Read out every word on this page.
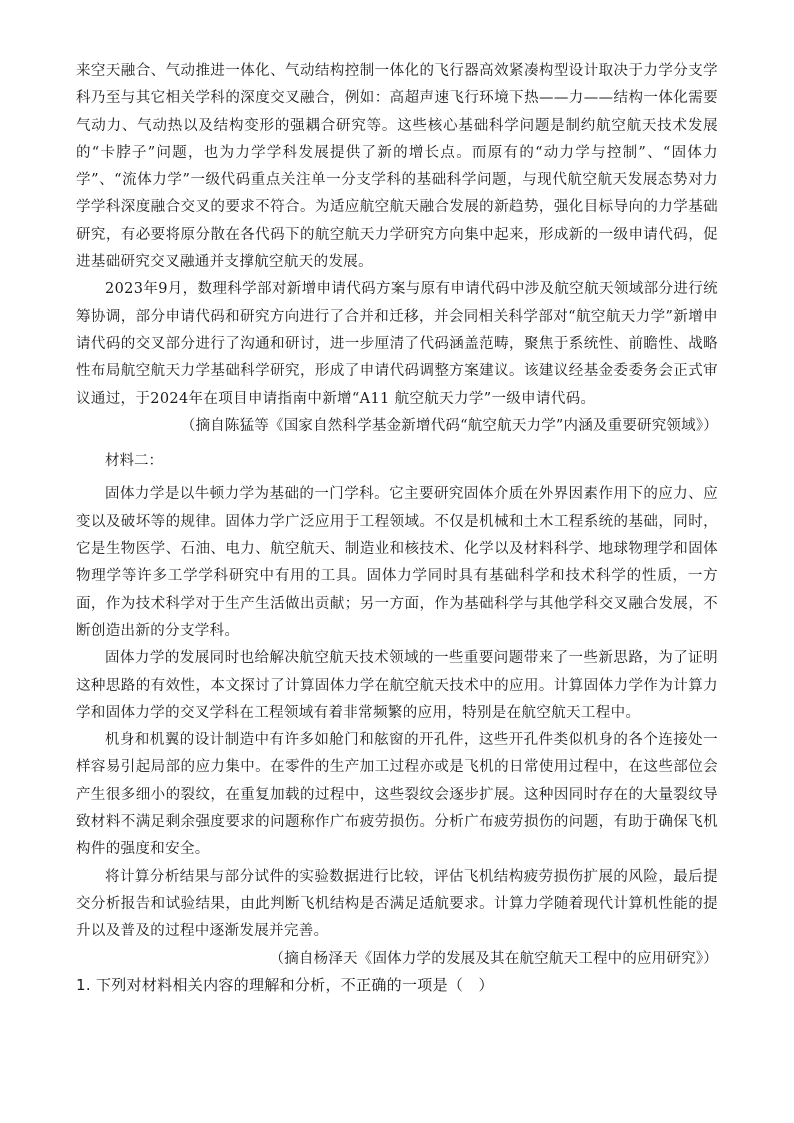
来空天融合、气动推进一体化、气动结构控制一体化的飞行器高效紧凑构型设计取决于力学分支学科乃至与其它相关学科的深度交叉融合，例如：高超声速飞行环境下热——力——结构一体化需要气动力、气动热以及结构变形的强耦合研究等。这些核心基础科学问题是制约航空航天技术发展的“卡脖子”问题，也为力学学科发展提供了新的增长点。而原有的“动力学与控制”、“固体力学”、“流体力学”一级代码重点关注单一分支学科的基础科学问题，与现代航空航天发展态势对力学学科深度融合交叉的要求不符合。为适应航空航天融合发展的新趋势，强化目标导向的力学基础研究，有必要将原分散在各代码下的航空航天力学研究方向集中起来，形成新的一级申请代码，促进基础研究交叉融通并支撑航空航天的发展。

2023年9月，数理科学部对新增申请代码方案与原有申请代码中涉及航空航天领域部分进行统筹协调，部分申请代码和研究方向进行了合并和迁移，并会同相关科学部对“航空航天力学”新增申请代码的交叉部分进行了沟通和研讨，进一步厘清了代码涵盖范畴，聚焦于系统性、前瞻性、战略性布局航空航天力学基础科学研究，形成了申请代码调整方案建议。该建议经基金委委务会正式审议通过，于2024年在项目申请指南中新增“A11 航空航天力学”一级申请代码。

（摘自陈猛等《国家自然科学基金新增代码“航空航天力学”内涵及重要研究领域》）

材料二：

固体力学是以牛顿力学为基础的一门学科。它主要研究固体介质在外界因素作用下的应力、应变以及破坏等的规律。固体力学广泛应用于工程领域。不仅是机械和土木工程系统的基础，同时，它是生物医学、石油、电力、航空航天、制造业和核技术、化学以及材料科学、地球物理学和固体物理学等许多工学学科研究中有用的工具。固体力学同时具有基础科学和技术科学的性质，一方面，作为技术科学对于生产生活做出贡献；另一方面，作为基础科学与其他学科交叉融合发展，不断创造出新的分支学科。

固体力学的发展同时也给解决航空航天技术领域的一些重要问题带来了一些新思路，为了证明这种思路的有效性，本文探讨了计算固体力学在航空航天技术中的应用。计算固体力学作为计算力学和固体力学的交叉学科在工程领域有着非常频繁的应用，特别是在航空航天工程中。

机身和机翼的设计制造中有许多如舱门和舷窗的开孔件，这些开孔件类似机身的各个连接处一样容易引起局部的应力集中。在零件的生产加工过程亦或是飞机的日常使用过程中，在这些部位会产生很多细小的裂纹，在重复加载的过程中，这些裂纹会逐步扩展。这种因同时存在的大量裂纹导致材料不满足剩余强度要求的问题称作广布疲劳损伤。分析广布疲劳损伤的问题，有助于确保飞机构件的强度和安全。

将计算分析结果与部分试件的实验数据进行比较，评估飞机结构疲劳损伤扩展的风险，最后提交分析报告和试验结果，由此判断飞机结构是否满足适航要求。计算力学随着现代计算机性能的提升以及普及的过程中逐渐发展并完善。

（摘自杨泽天《固体力学的发展及其在航空航天工程中的应用研究》）

1. 下列对材料相关内容的理解和分析，不正确的一项是（　）
